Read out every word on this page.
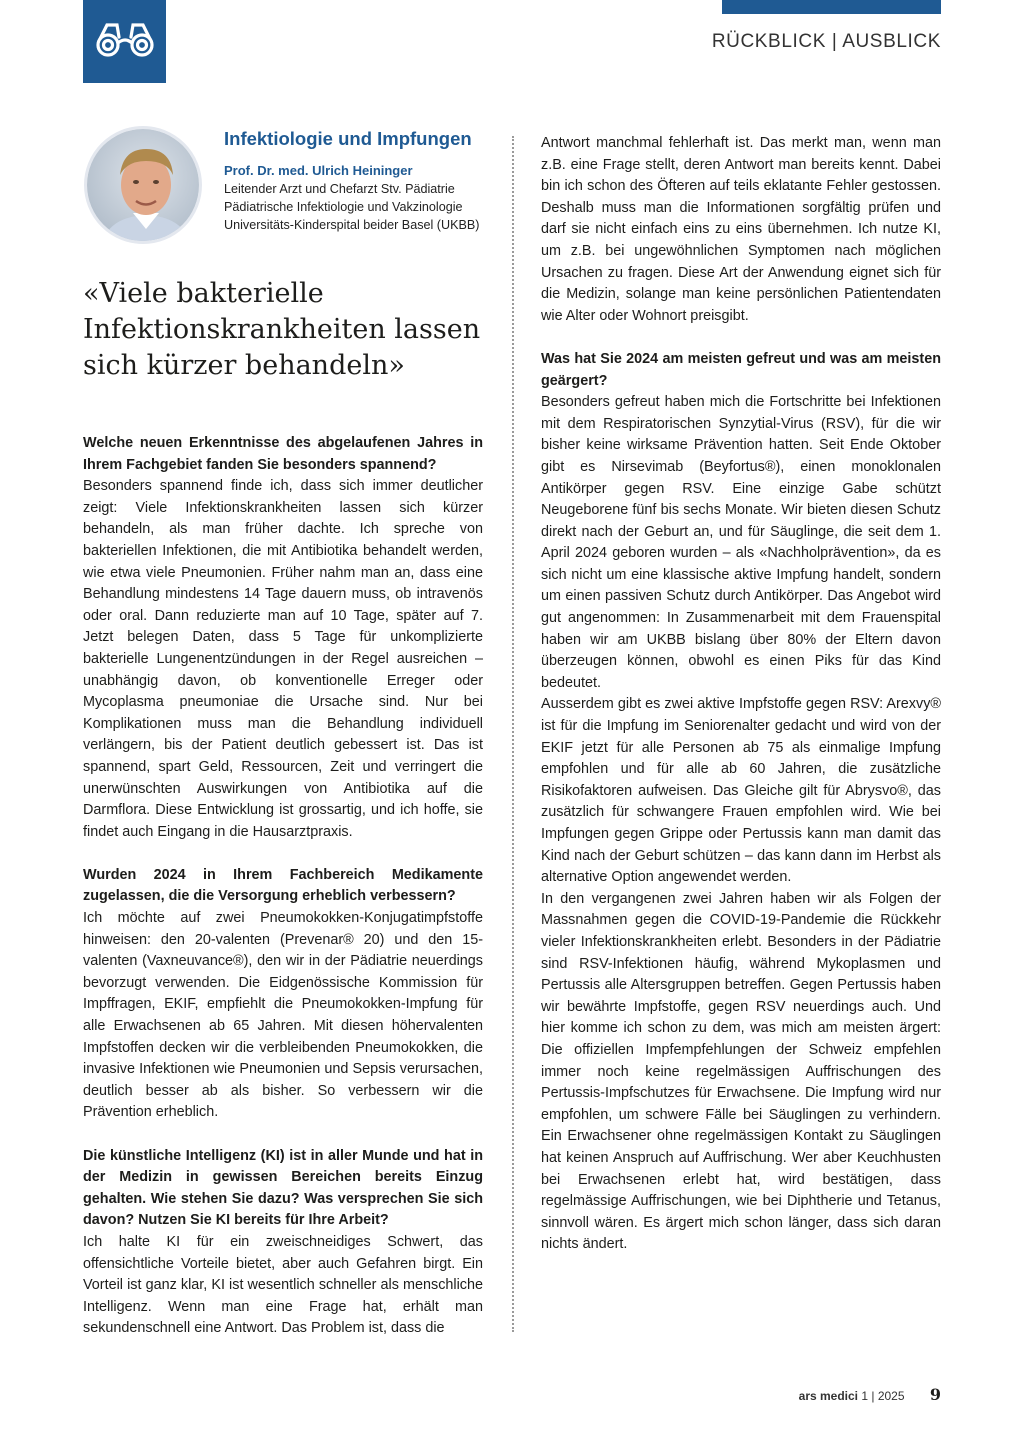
RÜCKBLICK | AUSBLICK
Infektiologie und Impfungen
Prof. Dr. med. Ulrich Heininger
Leitender Arzt und Chefarzt Stv. Pädiatrie
Pädiatrische Infektiologie und Vakzinologie
Universitäts-Kinderspital beider Basel (UKBB)
«Viele bakterielle Infektionskrankheiten lassen sich kürzer behandeln»

Welche neuen Erkenntnisse des abgelaufenen Jahres in Ihrem Fachgebiet fanden Sie besonders spannend?

Besonders spannend finde ich, dass sich immer deutlicher zeigt: Viele Infektionskrankheiten lassen sich kürzer behandeln, als man früher dachte. Ich spreche von bakteriellen Infektionen, die mit Antibiotika behandelt werden, wie etwa viele Pneumonien. Früher nahm man an, dass eine Behandlung mindestens 14 Tage dauern muss, ob intravenös oder oral. Dann reduzierte man auf 10 Tage, später auf 7. Jetzt belegen Daten, dass 5 Tage für unkomplizierte bakterielle Lungenentzündungen in der Regel ausreichen – unabhängig davon, ob konventionelle Erreger oder Mycoplasma pneumoniae die Ursache sind. Nur bei Komplikationen muss man die Behandlung individuell verlängern, bis der Patient deutlich gebessert ist. Das ist spannend, spart Geld, Ressourcen, Zeit und verringert die unerwünschten Auswirkungen von Antibiotika auf die Darmflora. Diese Entwicklung ist grossartig, und ich hoffe, sie findet auch Eingang in die Hausarztpraxis.

Wurden 2024 in Ihrem Fachbereich Medikamente zugelassen, die die Versorgung erheblich verbessern?

Ich möchte auf zwei Pneumokokken-Konjugatimpfstoffe hinweisen: den 20-valenten (Prevenar® 20) und den 15-valenten (Vaxneuvance®), den wir in der Pädiatrie neuerdings bevorzugt verwenden. Die Eidgenössische Kommission für Impffragen, EKIF, empfiehlt die Pneumokokken-Impfung für alle Erwachsenen ab 65 Jahren. Mit diesen höhervalenten Impfstoffen decken wir die verbleibenden Pneumokokken, die invasive Infektionen wie Pneumonien und Sepsis verursachen, deutlich besser ab als bisher. So verbessern wir die Prävention erheblich.

Die künstliche Intelligenz (KI) ist in aller Munde und hat in der Medizin in gewissen Bereichen bereits Einzug gehalten. Wie stehen Sie dazu? Was versprechen Sie sich davon? Nutzen Sie KI bereits für Ihre Arbeit?

Ich halte KI für ein zweischneidiges Schwert, das offensichtliche Vorteile bietet, aber auch Gefahren birgt. Ein Vorteil ist ganz klar, KI ist wesentlich schneller als menschliche Intelligenz. Wenn man eine Frage hat, erhält man sekundenschnell eine Antwort. Das Problem ist, dass die

Antwort manchmal fehlerhaft ist. Das merkt man, wenn man z.B. eine Frage stellt, deren Antwort man bereits kennt. Dabei bin ich schon des Öfteren auf teils eklatante Fehler gestossen. Deshalb muss man die Informationen sorgfältig prüfen und darf sie nicht einfach eins zu eins übernehmen. Ich nutze KI, um z.B. bei ungewöhnlichen Symptomen nach möglichen Ursachen zu fragen. Diese Art der Anwendung eignet sich für die Medizin, solange man keine persönlichen Patientendaten wie Alter oder Wohnort preisgibt.

Was hat Sie 2024 am meisten gefreut und was am meisten geärgert?

Besonders gefreut haben mich die Fortschritte bei Infektionen mit dem Respiratorischen Synzytial-Virus (RSV), für die wir bisher keine wirksame Prävention hatten. Seit Ende Oktober gibt es Nirsevimab (Beyfortus®), einen monoklonalen Antikörper gegen RSV. Eine einzige Gabe schützt Neugeborene fünf bis sechs Monate. Wir bieten diesen Schutz direkt nach der Geburt an, und für Säuglinge, die seit dem 1. April 2024 geboren wurden – als «Nachholprävention», da es sich nicht um eine klassische aktive Impfung handelt, sondern um einen passiven Schutz durch Antikörper. Das Angebot wird gut angenommen: In Zusammenarbeit mit dem Frauenspital haben wir am UKBB bislang über 80% der Eltern davon überzeugen können, obwohl es einen Piks für das Kind bedeutet.

Ausserdem gibt es zwei aktive Impfstoffe gegen RSV: Arexvy® ist für die Impfung im Seniorenalter gedacht und wird von der EKIF jetzt für alle Personen ab 75 als einmalige Impfung empfohlen und für alle ab 60 Jahren, die zusätzliche Risikofaktoren aufweisen. Das Gleiche gilt für Abrysvo®, das zusätzlich für schwangere Frauen empfohlen wird. Wie bei Impfungen gegen Grippe oder Pertussis kann man damit das Kind nach der Geburt schützen – das kann dann im Herbst als alternative Option angewendet werden.

In den vergangenen zwei Jahren haben wir als Folgen der Massnahmen gegen die COVID-19-Pandemie die Rückkehr vieler Infektionskrankheiten erlebt. Besonders in der Pädiatrie sind RSV-Infektionen häufig, während Mykoplasmen und Pertussis alle Altersgruppen betreffen. Gegen Pertussis haben wir bewährte Impfstoffe, gegen RSV neuerdings auch. Und hier komme ich schon zu dem, was mich am meisten ärgert: Die offiziellen Impfempfehlungen der Schweiz empfehlen immer noch keine regelmässigen Auffrischungen des Pertussis-Impfschutzes für Erwachsene. Die Impfung wird nur empfohlen, um schwere Fälle bei Säuglingen zu verhindern. Ein Erwachsener ohne regelmässigen Kontakt zu Säuglingen hat keinen Anspruch auf Auffrischung. Wer aber Keuchhusten bei Erwachsenen erlebt hat, wird bestätigen, dass regelmässige Auffrischungen, wie bei Diphtherie und Tetanus, sinnvoll wären. Es ärgert mich schon länger, dass sich daran nichts ändert.

ars medici 1 | 2025 9
